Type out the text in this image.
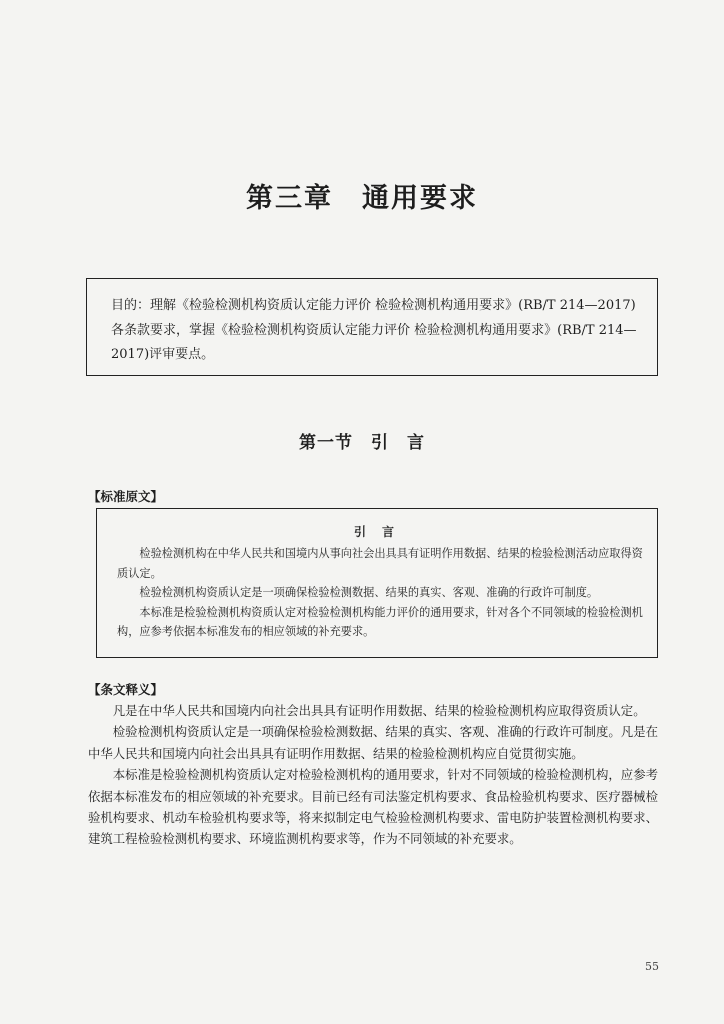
第三章　通用要求
目的：理解《检验检测机构资质认定能力评价 检验检测机构通用要求》(RB/T 214—2017)各条款要求，掌握《检验检测机构资质认定能力评价 检验检测机构通用要求》(RB/T 214—2017)评审要点。
第一节　引　言
【标准原文】
引言

检验检测机构在中华人民共和国境内从事向社会出具具有证明作用数据、结果的检验检测活动应取得资质认定。

检验检测机构资质认定是一项确保检验检测数据、结果的真实、客观、准确的行政许可制度。

本标准是检验检测机构资质认定对检验检测机构能力评价的通用要求，针对各个不同领域的检验检测机构，应参考依据本标准发布的相应领域的补充要求。

【条文释义】

凡是在中华人民共和国境内向社会出具具有证明作用数据、结果的检验检测机构应取得资质认定。

检验检测机构资质认定是一项确保检验检测数据、结果的真实、客观、准确的行政许可制度。凡是在中华人民共和国境内向社会出具具有证明作用数据、结果的检验检测机构应自觉贯彻实施。

本标准是检验检测机构资质认定对检验检测机构的通用要求，针对不同领域的检验检测机构，应参考依据本标准发布的相应领域的补充要求。目前已经有司法鉴定机构要求、食品检验机构要求、医疗器械检验机构要求、机动车检验机构要求等，将来拟制定电气检验检测机构要求、雷电防护装置检测机构要求、建筑工程检验检测机构要求、环境监测机构要求等，作为不同领域的补充要求。

55
